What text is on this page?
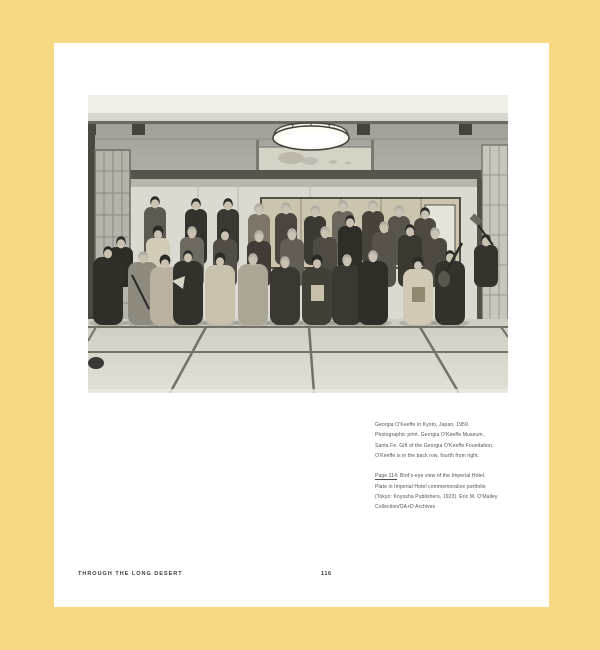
Georgia O’Keeffe in Kyoto, Japan, 1959.
Photographic print. Georgia O’Keeffe Museum,
Santa Fe. Gift of the Georgia O’Keeffe Foundation.
O’Keeffe is in the back row, fourth from right.
Page 114: Bird’s-eye view of the Imperial Hotel.
Plate in Imperial Hotel commemorative portfolio
(Tokyo: Koyosha Publishers, 1923). Eric M. O’Malley
Collection/OA+D Archives
THROUGH THE LONG DESERT	116
